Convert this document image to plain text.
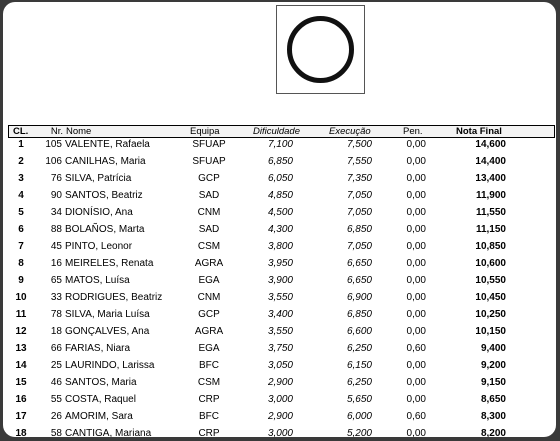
CL.	Nr. Nome	Equipa	Dificuldade	Execução	Pen.	Nota Final
1	105 VALENTE, Rafaela	SFUAP	7,100	7,500	0,00	14,600
2	106 CANILHAS, Maria	SFUAP	6,850	7,550	0,00	14,400
3	76 SILVA, Patrícia	GCP	6,050	7,350	0,00	13,400
4	90 SANTOS, Beatriz	SAD	4,850	7,050	0,00	11,900
5	34 DIONÍSIO, Ana	CNM	4,500	7,050	0,00	11,550
6	88 BOLAÑOS, Marta	SAD	4,300	6,850	0,00	11,150
7	45 PINTO, Leonor	CSM	3,800	7,050	0,00	10,850
8	16 MEIRELES, Renata	AGRA	3,950	6,650	0,00	10,600
9	65 MATOS, Luísa	EGA	3,900	6,650	0,00	10,550
10	33 RODRIGUES, Beatriz	CNM	3,550	6,900	0,00	10,450
11	78 SILVA, Maria Luísa	GCP	3,400	6,850	0,00	10,250
12	18 GONÇALVES, Ana	AGRA	3,550	6,600	0,00	10,150
13	66 FARIAS, Niara	EGA	3,750	6,250	0,60	9,400
14	25 LAURINDO, Larissa	BFC	3,050	6,150	0,00	9,200
15	46 SANTOS, Maria	CSM	2,900	6,250	0,00	9,150
16	55 COSTA, Raquel	CRP	3,000	5,650	0,00	8,650
17	26 AMORIM, Sara	BFC	2,900	6,000	0,60	8,300
18	58 CANTIGA, Mariana	CRP	3,000	5,200	0,00	8,200
